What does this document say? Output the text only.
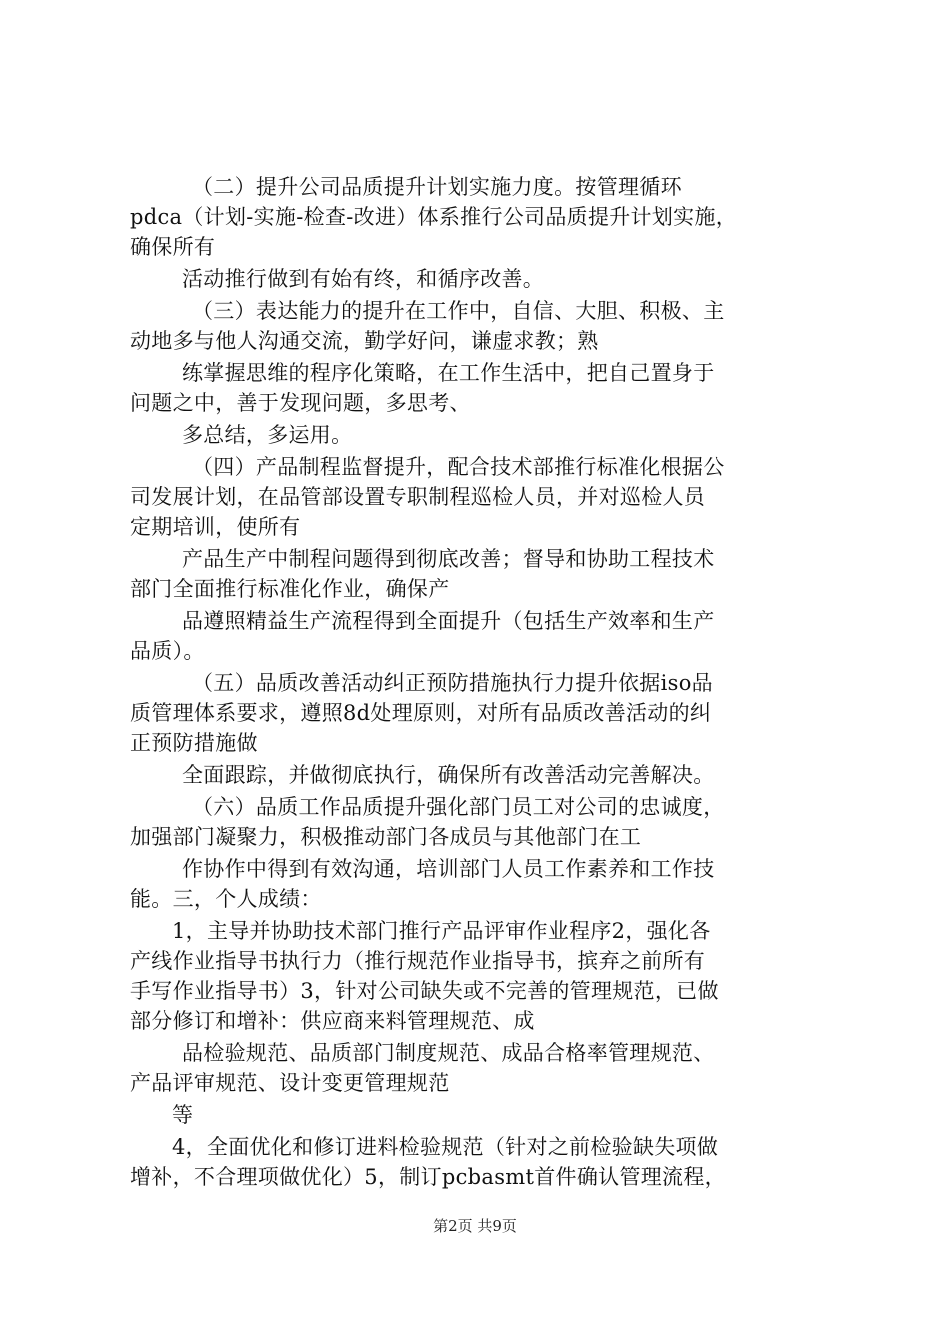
（二）提升公司品质提升计划实施力度。按管理循环
pdca（计划-实施-检查-改进）体系推行公司品质提升计划实施，
确保所有
活动推行做到有始有终，和循序改善。
（三）表达能力的提升在工作中，自信、大胆、积极、主
动地多与他人沟通交流，勤学好问，谦虚求教；熟
练掌握思维的程序化策略，在工作生活中，把自己置身于
问题之中，善于发现问题，多思考、
多总结，多运用。
（四）产品制程监督提升，配合技术部推行标准化根据公
司发展计划，在品管部设置专职制程巡检人员，并对巡检人员
定期培训，使所有
产品生产中制程问题得到彻底改善；督导和协助工程技术
部门全面推行标准化作业，确保产
品遵照精益生产流程得到全面提升（包括生产效率和生产
品质）。
（五）品质改善活动纠正预防措施执行力提升依据iso品
质管理体系要求，遵照8d处理原则，对所有品质改善活动的纠
正预防措施做
全面跟踪，并做彻底执行，确保所有改善活动完善解决。
（六）品质工作品质提升强化部门员工对公司的忠诚度，
加强部门凝聚力，积极推动部门各成员与其他部门在工
作协作中得到有效沟通，培训部门人员工作素养和工作技
能。三，个人成绩：
1，主导并协助技术部门推行产品评审作业程序2，强化各
产线作业指导书执行力（推行规范作业指导书，摈弃之前所有
手写作业指导书）3，针对公司缺失或不完善的管理规范，已做
部分修订和增补：供应商来料管理规范、成
品检验规范、品质部门制度规范、成品合格率管理规范、
产品评审规范、设计变更管理规范
等
4，全面优化和修订进料检验规范（针对之前检验缺失项做
增补，不合理项做优化）5，制订pcbasmt首件确认管理流程，
第2页 共9页
